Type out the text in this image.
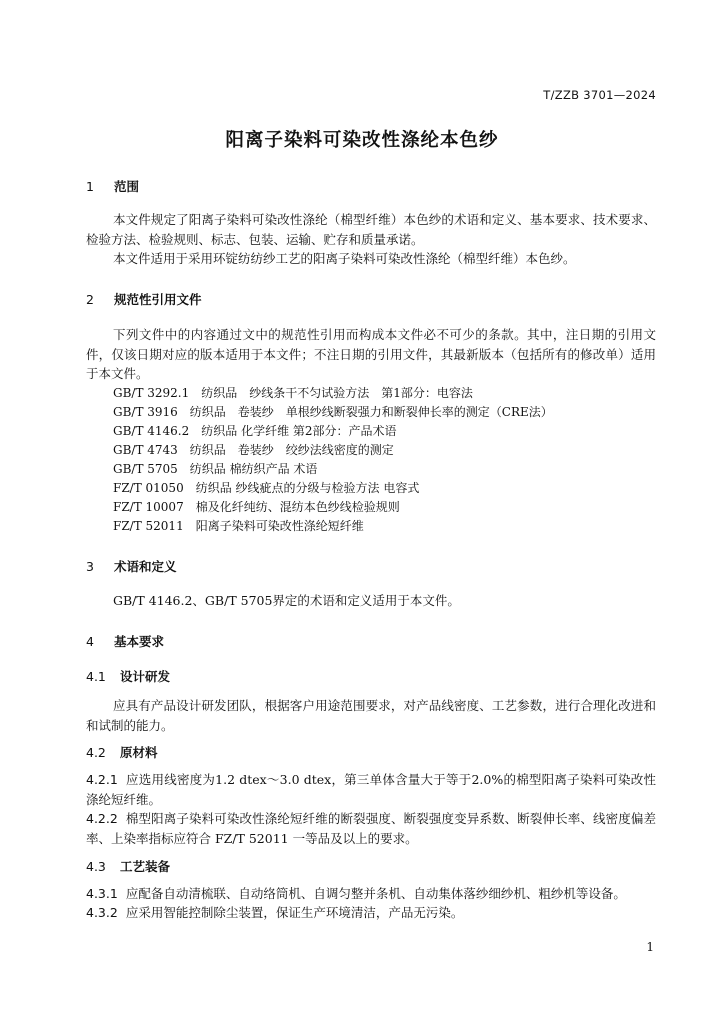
T/ZZB 3701—2024
阳离子染料可染改性涤纶本色纱
1 范围
本文件规定了阳离子染料可染改性涤纶（棉型纤维）本色纱的术语和定义、基本要求、技术要求、检验方法、检验规则、标志、包装、运输、贮存和质量承诺。
本文件适用于采用环锭纺纺纱工艺的阳离子染料可染改性涤纶（棉型纤维）本色纱。
2 规范性引用文件
下列文件中的内容通过文中的规范性引用而构成本文件必不可少的条款。其中，注日期的引用文件，仅该日期对应的版本适用于本文件；不注日期的引用文件，其最新版本（包括所有的修改单）适用于本文件。
GB/T 3292.1　纺织品　纱线条干不匀试验方法　第1部分：电容法
GB/T 3916　纺织品　卷装纱　单根纱线断裂强力和断裂伸长率的测定（CRE法）
GB/T 4146.2　纺织品 化学纤维 第2部分：产品术语
GB/T 4743　纺织品　卷装纱　绞纱法线密度的测定
GB/T 5705　纺织品 棉纺织产品 术语
FZ/T 01050　纺织品 纱线疵点的分级与检验方法 电容式
FZ/T 10007　棉及化纤纯纺、混纺本色纱线检验规则
FZ/T 52011　阳离子染料可染改性涤纶短纤维
3 术语和定义
GB/T 4146.2、GB/T 5705界定的术语和定义适用于本文件。
4 基本要求
4.1 设计研发
应具有产品设计研发团队，根据客户用途范围要求，对产品线密度、工艺参数，进行合理化改进和和试制的能力。
4.2 原材料
4.2.1 应选用线密度为1.2 dtex～3.0 dtex，第三单体含量大于等于2.0%的棉型阳离子染料可染改性涤纶短纤维。
4.2.2 棉型阳离子染料可染改性涤纶短纤维的断裂强度、断裂强度变异系数、断裂伸长率、线密度偏差率、上染率指标应符合 FZ/T 52011 一等品及以上的要求。
4.3 工艺装备
4.3.1 应配备自动清梳联、自动络筒机、自调匀整并条机、自动集体落纱细纱机、粗纱机等设备。
4.3.2 应采用智能控制除尘装置，保证生产环境清洁，产品无污染。
1
